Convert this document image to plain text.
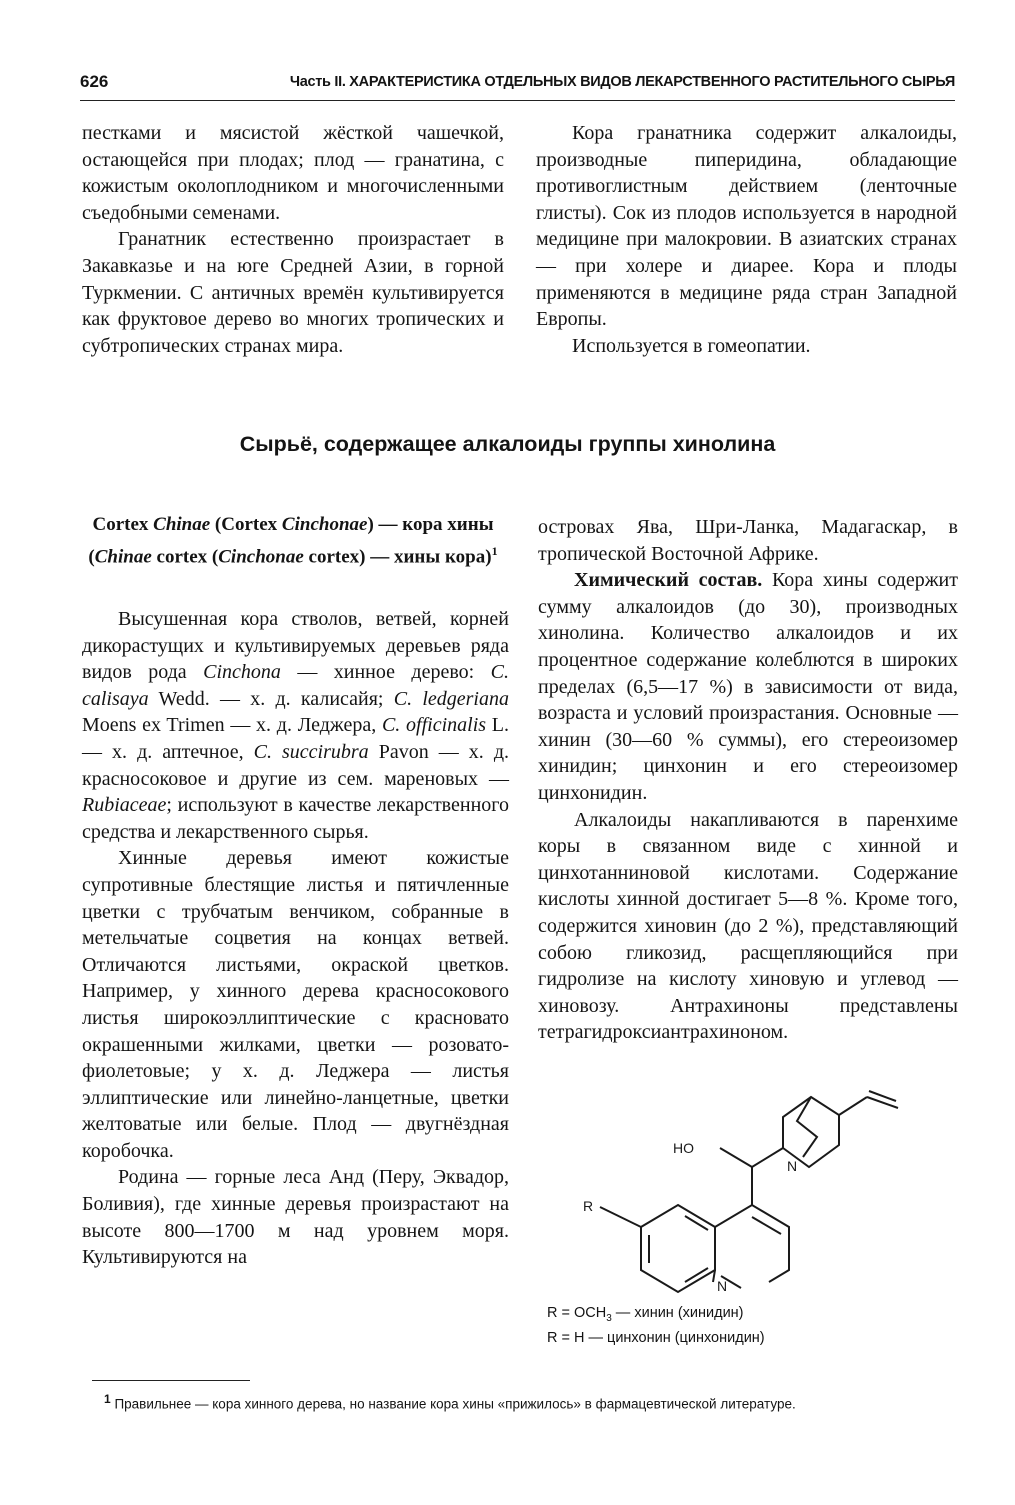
626	Часть II. ХАРАКТЕРИСТИКА ОТДЕЛЬНЫХ ВИДОВ ЛЕКАРСТВЕННОГО РАСТИТЕЛЬНОГО СЫРЬЯ

пестками и мясистой жёсткой чашечкой, остающейся при плодах; плод — гранатина, с кожистым околоплодником и многочисленными съедобными семенами.

Гранатник естественно произрастает в Закавказье и на юге Средней Азии, в горной Туркмении. С античных времён культивируется как фруктовое дерево во многих тропических и субтропических странах мира.

Кора гранатника содержит алкалоиды, производные пиперидина, обладающие противоглистным действием (ленточные глисты). Сок из плодов используется в народной медицине при малокровии. В азиатских странах — при холере и диарее. Кора и плоды применяются в медицине ряда стран Западной Европы.

Используется в гомеопатии.

Сырьё, содержащее алкалоиды группы хинолина
Cortex Chinae (Cortex Cinchonae) — кора хины (Chinae cortex (Cinchonae cortex) — хины кора)$^1$

Высушенная кора стволов, ветвей, корней дикорастущих и культивируемых деревьев ряда видов рода Cinchona — хинное дерево: C. calisaya Wedd. — х. д. калисайя; C. ledgeriana Moens ex Trimen — х. д. Леджера, C. officinalis L. — х. д. аптечное, C. succirubra Pavon — х. д. красносоковое и другие из сем. мареновых — Rubiaceae; используют в качестве лекарственного средства и лекарственного сырья.

Хинные деревья имеют кожистые супротивные блестящие листья и пятичленные цветки с трубчатым венчиком, собранные в метельчатые соцветия на концах ветвей. Отличаются листьями, окраской цветков. Например, у хинного дерева красносокового листья широкоэллиптические с красновато окрашенными жилками, цветки — розовато-фиолетовые; у х. д. Леджера — листья эллиптические или линейно-ланцетные, цветки желтоватые или белые. Плод — двугнёздная коробочка.

Родина — горные леса Анд (Перу, Эквадор, Боливия), где хинные деревья произрастают на высоте 800—1700 м над уровнем моря. Культивируются на

островах Ява, Шри-Ланка, Мадагаскар, в тропической Восточной Африке.

Химический состав. Кора хины содержит сумму алкалоидов (до 30), производных хинолина. Количество алкалоидов и их процентное содержание колеблются в широких пределах (6,5—17 %) в зависимости от вида, возраста и условий произрастания. Основные — хинин (30—60 % суммы), его стереоизомер хинидин; цинхонин и его стереоизомер цинхонидин.

Алкалоиды накапливаются в паренхиме коры в связанном виде с хинной и цинхотанниновой кислотами. Содержание кислоты хинной достигает 5—8 %. Кроме того, содержится хиновин (до 2 %), представляющий собою гликозид, расщепляющийся при гидролизе на кислоту хиновую и углевод — хиновозу. Антрахиноны представлены тетрагидроксиантрахиноном.

HO
R
N
N
$R = OCH_3$ — хинин (хинидин)
R = H — цинхонин (цинхонидин)
$^1$ Правильнее — кора хинного дерева, но название кора хины «прижилось» в фармацевтической литературе.
